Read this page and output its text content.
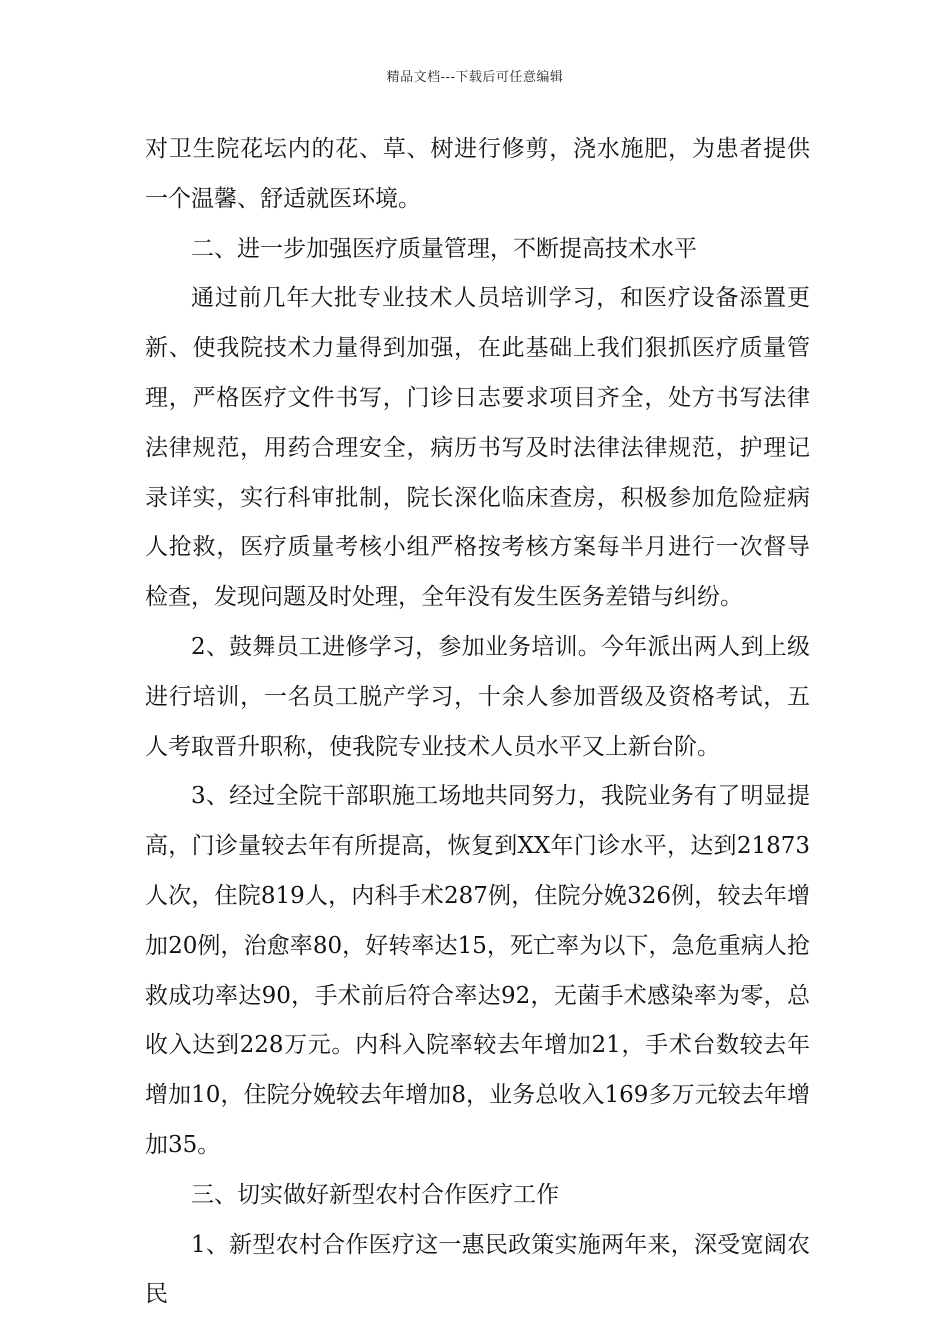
精品文档---下载后可任意编辑

对卫生院花坛内的花、草、树进行修剪，浇水施肥，为患者提供一个温馨、舒适就医环境。

二、进一步加强医疗质量管理，不断提高技术水平

通过前几年大批专业技术人员培训学习，和医疗设备添置更新、使我院技术力量得到加强，在此基础上我们狠抓医疗质量管理，严格医疗文件书写，门诊日志要求项目齐全，处方书写法律法律规范，用药合理安全，病历书写及时法律法律规范，护理记录详实，实行科审批制，院长深化临床查房，积极参加危险症病人抢救，医疗质量考核小组严格按考核方案每半月进行一次督导检查，发现问题及时处理，全年没有发生医务差错与纠纷。

2、鼓舞员工进修学习，参加业务培训。今年派出两人到上级进行培训，一名员工脱产学习，十余人参加晋级及资格考试，五人考取晋升职称，使我院专业技术人员水平又上新台阶。

3、经过全院干部职施工场地共同努力，我院业务有了明显提高，门诊量较去年有所提高，恢复到XX年门诊水平，达到21873人次，住院819人，内科手术287例，住院分娩326例，较去年增加20例，治愈率80，好转率达15，死亡率为以下，急危重病人抢救成功率达90，手术前后符合率达92，无菌手术感染率为零，总收入达到228万元。内科入院率较去年增加21，手术台数较去年增加10，住院分娩较去年增加8，业务总收入169多万元较去年增加35。

三、切实做好新型农村合作医疗工作

1、新型农村合作医疗这一惠民政策实施两年来，深受宽阔农民
